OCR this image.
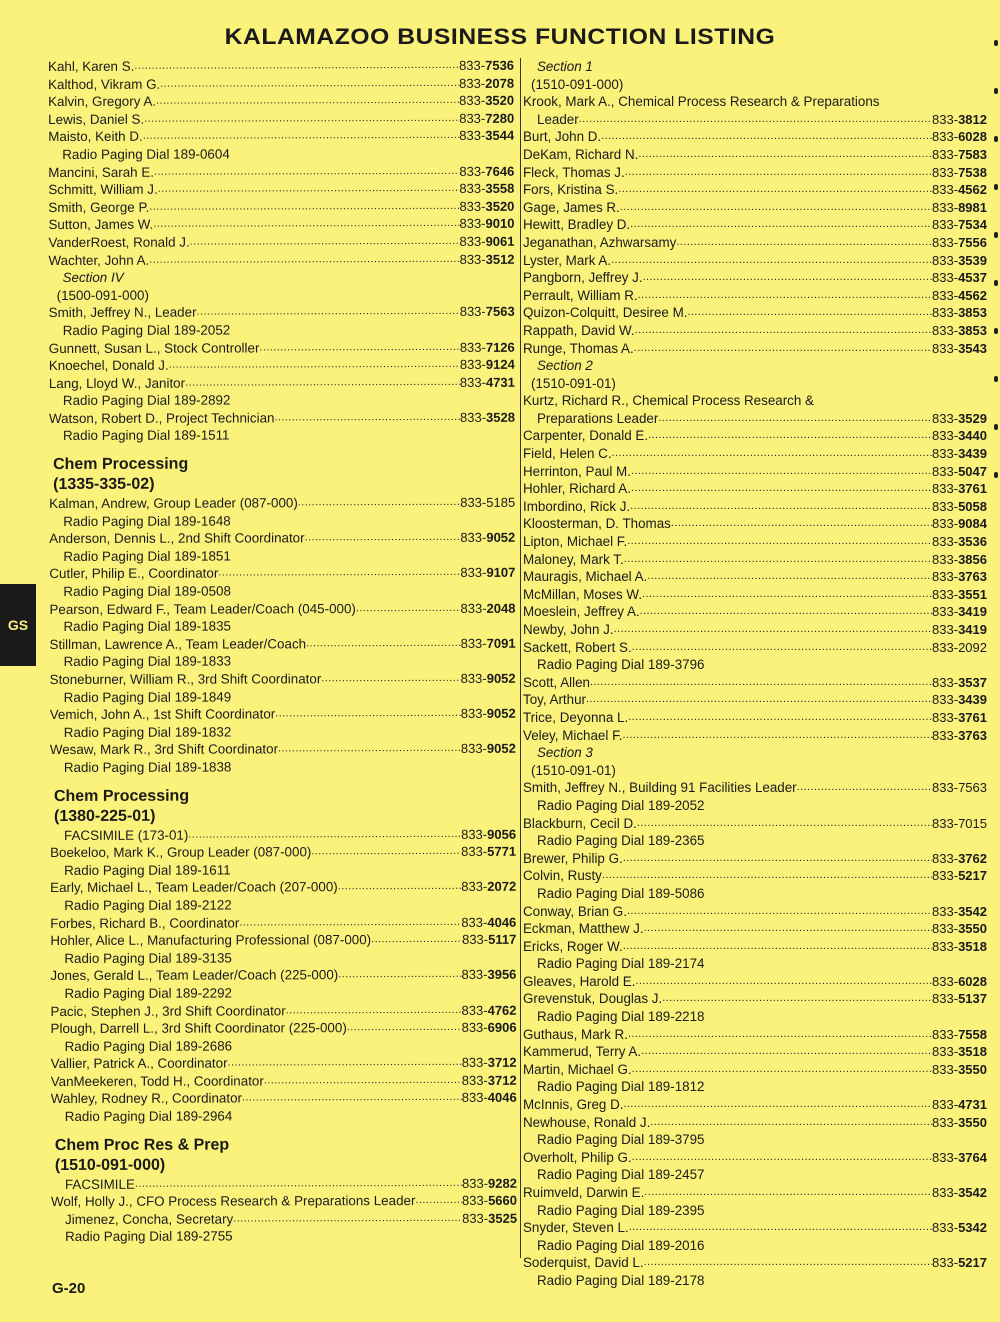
KALAMAZOO BUSINESS FUNCTION LISTING
Kahl, Karen S. .....	833-7536
Kalthod, Vikram G. .....	833-2078
Kalvin, Gregory A. .....	833-3520
Lewis, Daniel S. .....	833-7280
Maisto, Keith D. .....	833-3544
Radio Paging Dial 189-0604
Mancini, Sarah E. .....	833-7646
Schmitt, William J. .....	833-3558
Smith, George P. .....	833-3520
Sutton, James W. .....	833-9010
VanderRoest, Ronald J. .....	833-9061
Wachter, John A. .....	833-3512
Section IV
(1500-091-000)
Smith, Jeffrey N., Leader .....	833-7563
Radio Paging Dial 189-2052
Gunnett, Susan L., Stock Controller .....	833-7126
Knoechel, Donald J. .....	833-9124
Lang, Lloyd W., Janitor .....	833-4731
Radio Paging Dial 189-2892
Watson, Robert D., Project Technician .....	833-3528
Radio Paging Dial 189-1511
Chem Processing
(1335-335-02)
Kalman, Andrew, Group Leader (087-000) .....	833-5185
Radio Paging Dial 189-1648
Anderson, Dennis L., 2nd Shift Coordinator .....	833-9052
Radio Paging Dial 189-1851
Cutler, Philip E., Coordinator .....	833-9107
Radio Paging Dial 189-0508
Pearson, Edward F., Team Leader/Coach (045-000) .....	833-2048
Radio Paging Dial 189-1835
Stillman, Lawrence A., Team Leader/Coach .....	833-7091
Radio Paging Dial 189-1833
Stoneburner, William R., 3rd Shift Coordinator .....	833-9052
Radio Paging Dial 189-1849
Vemich, John A., 1st Shift Coordinator .....	833-9052
Radio Paging Dial 189-1832
Wesaw, Mark R., 3rd Shift Coordinator .....	833-9052
Radio Paging Dial 189-1838
Chem Processing
(1380-225-01)
FACSIMILE (173-01) .....	833-9056
Boekeloo, Mark K., Group Leader (087-000) .....	833-5771
Radio Paging Dial 189-1611
Early, Michael L., Team Leader/Coach (207-000) .....	833-2072
Radio Paging Dial 189-2122
Forbes, Richard B., Coordinator .....	833-4046
Hohler, Alice L., Manufacturing Professional (087-000) .....	833-5117
Radio Paging Dial 189-3135
Jones, Gerald L., Team Leader/Coach (225-000) .....	833-3956
Radio Paging Dial 189-2292
Pacic, Stephen J., 3rd Shift Coordinator .....	833-4762
Plough, Darrell L., 3rd Shift Coordinator (225-000) .....	833-6906
Radio Paging Dial 189-2686
Vallier, Patrick A., Coordinator .....	833-3712
VanMeekeren, Todd H., Coordinator .....	833-3712
Wahley, Rodney R., Coordinator .....	833-4046
Radio Paging Dial 189-2964
Chem Proc Res & Prep
(1510-091-000)
FACSIMILE .....	833-9282
Wolf, Holly J., CFO Process Research & Preparations Leader .....	833-5660
Jimenez, Concha, Secretary .....	833-3525
Radio Paging Dial 189-2755
Section 1
(1510-091-000)
Krook, Mark A., Chemical Process Research & Preparations
Leader .....	833-3812
Burt, John D. .....	833-6028
DeKam, Richard N. .....	833-7583
Fleck, Thomas J. .....	833-7538
Fors, Kristina S. .....	833-4562
Gage, James R. .....	833-8981
Hewitt, Bradley D. .....	833-7534
Jeganathan, Azhwarsamy .....	833-7556
Lyster, Mark A. .....	833-3539
Pangborn, Jeffrey J. .....	833-4537
Perrault, William R. .....	833-4562
Quizon-Colquitt, Desiree M. .....	833-3853
Rappath, David W. .....	833-3853
Runge, Thomas A. .....	833-3543
Section 2
(1510-091-01)
Kurtz, Richard R., Chemical Process Research &
Preparations Leader .....	833-3529
Carpenter, Donald E. .....	833-3440
Field, Helen C. .....	833-3439
Herrinton, Paul M. .....	833-5047
Hohler, Richard A. .....	833-3761
Imbordino, Rick J. .....	833-5058
Kloosterman, D. Thomas .....	833-9084
Lipton, Michael F. .....	833-3536
Maloney, Mark T. .....	833-3856
Mauragis, Michael A. .....	833-3763
McMillan, Moses W. .....	833-3551
Moeslein, Jeffrey A. .....	833-3419
Newby, John J. .....	833-3419
Sackett, Robert S. .....	833-2092
Radio Paging Dial 189-3796
Scott, Allen .....	833-3537
Toy, Arthur .....	833-3439
Trice, Deyonna L. .....	833-3761
Veley, Michael F. .....	833-3763
Section 3
(1510-091-01)
Smith, Jeffrey N., Building 91 Facilities Leader .....	833-7563
Radio Paging Dial 189-2052
Blackburn, Cecil D. .....	833-7015
Radio Paging Dial 189-2365
Brewer, Philip G. .....	833-3762
Colvin, Rusty .....	833-5217
Radio Paging Dial 189-5086
Conway, Brian G. .....	833-3542
Eckman, Matthew J. .....	833-3550
Ericks, Roger W. .....	833-3518
Radio Paging Dial 189-2174
Gleaves, Harold E. .....	833-6028
Grevenstuk, Douglas J. .....	833-5137
Radio Paging Dial 189-2218
Guthaus, Mark R. .....	833-7558
Kammerud, Terry A. .....	833-3518
Martin, Michael G. .....	833-3550
Radio Paging Dial 189-1812
McInnis, Greg D. .....	833-4731
Newhouse, Ronald J. .....	833-3550
Radio Paging Dial 189-3795
Overholt, Philip G. .....	833-3764
Radio Paging Dial 189-2457
Ruimveld, Darwin E. .....	833-3542
Radio Paging Dial 189-2395
Snyder, Steven L. .....	833-5342
Radio Paging Dial 189-2016
Soderquist, David L. .....	833-5217
Radio Paging Dial 189-2178
GS
G-20
